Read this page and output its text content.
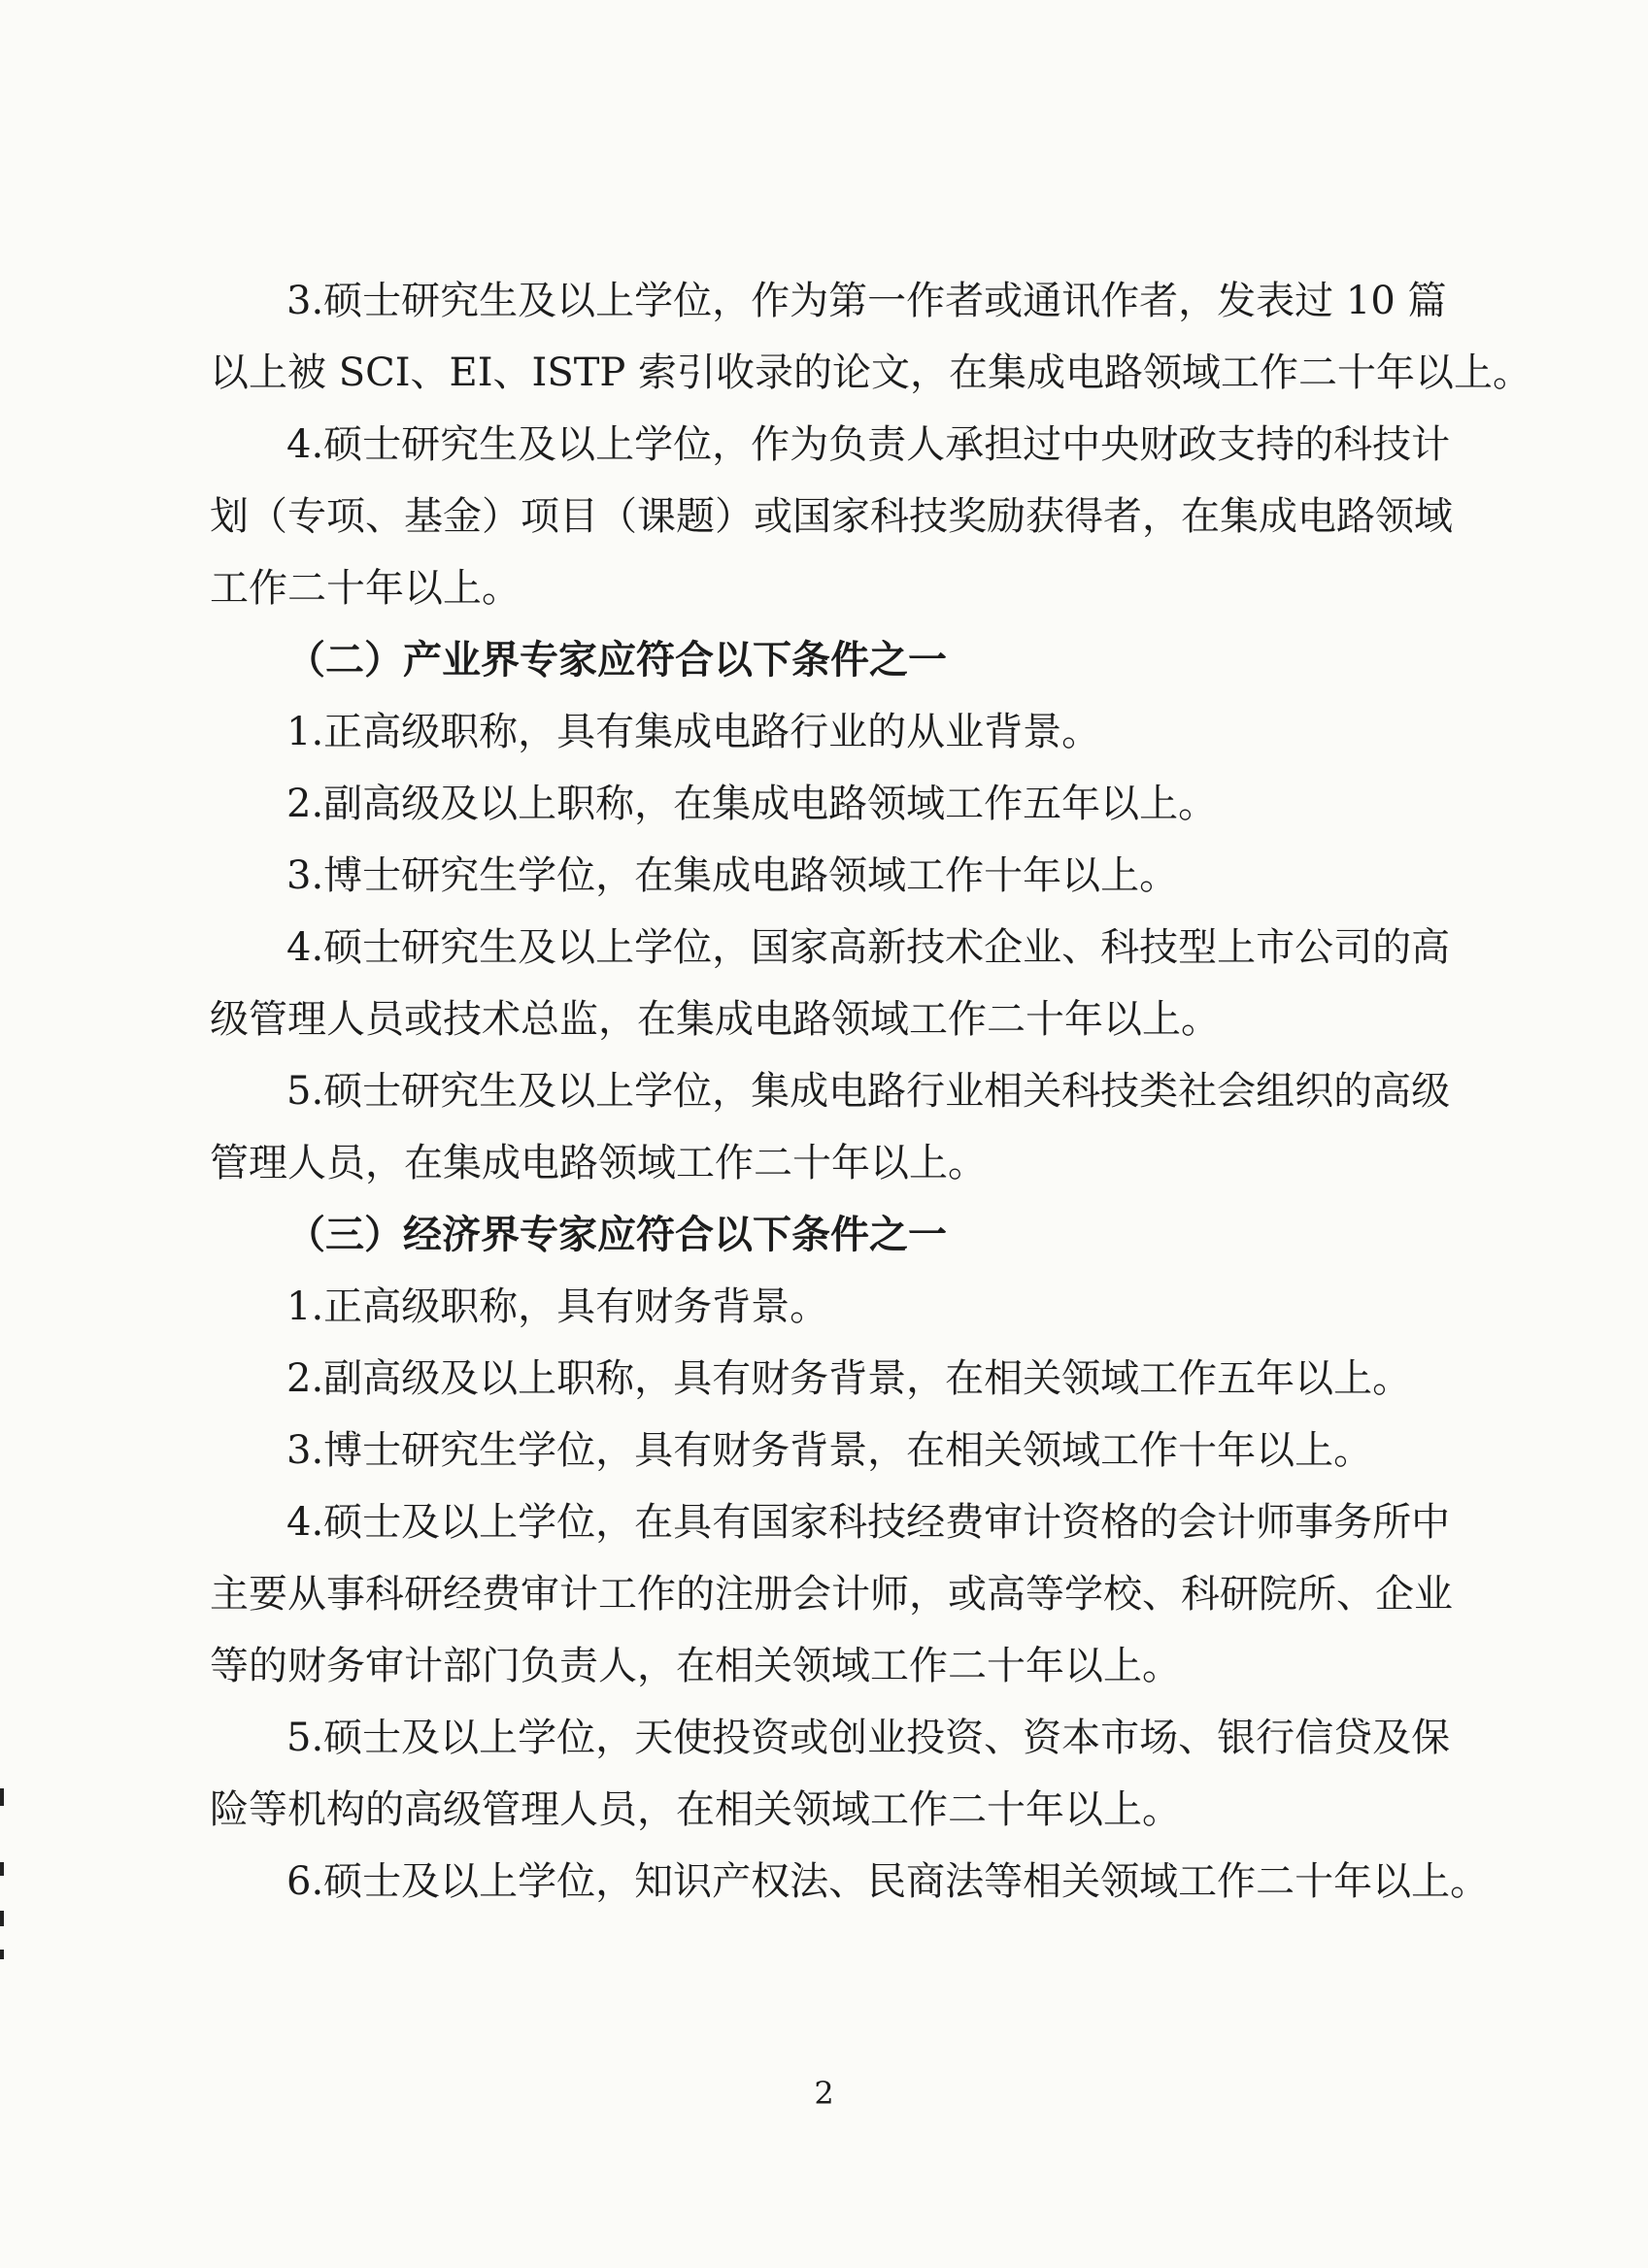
3.硕士研究生及以上学位，作为第一作者或通讯作者，发表过 10 篇
以上被 SCI、EI、ISTP 索引收录的论文，在集成电路领域工作二十年以上。
4.硕士研究生及以上学位，作为负责人承担过中央财政支持的科技计
划（专项、基金）项目（课题）或国家科技奖励获得者，在集成电路领域
工作二十年以上。
（二）产业界专家应符合以下条件之一
1.正高级职称，具有集成电路行业的从业背景。
2.副高级及以上职称，在集成电路领域工作五年以上。
3.博士研究生学位，在集成电路领域工作十年以上。
4.硕士研究生及以上学位，国家高新技术企业、科技型上市公司的高
级管理人员或技术总监，在集成电路领域工作二十年以上。
5.硕士研究生及以上学位，集成电路行业相关科技类社会组织的高级
管理人员，在集成电路领域工作二十年以上。
（三）经济界专家应符合以下条件之一
1.正高级职称，具有财务背景。
2.副高级及以上职称，具有财务背景，在相关领域工作五年以上。
3.博士研究生学位，具有财务背景，在相关领域工作十年以上。
4.硕士及以上学位，在具有国家科技经费审计资格的会计师事务所中
主要从事科研经费审计工作的注册会计师，或高等学校、科研院所、企业
等的财务审计部门负责人，在相关领域工作二十年以上。
5.硕士及以上学位，天使投资或创业投资、资本市场、银行信贷及保
险等机构的高级管理人员，在相关领域工作二十年以上。
6.硕士及以上学位，知识产权法、民商法等相关领域工作二十年以上。
2
